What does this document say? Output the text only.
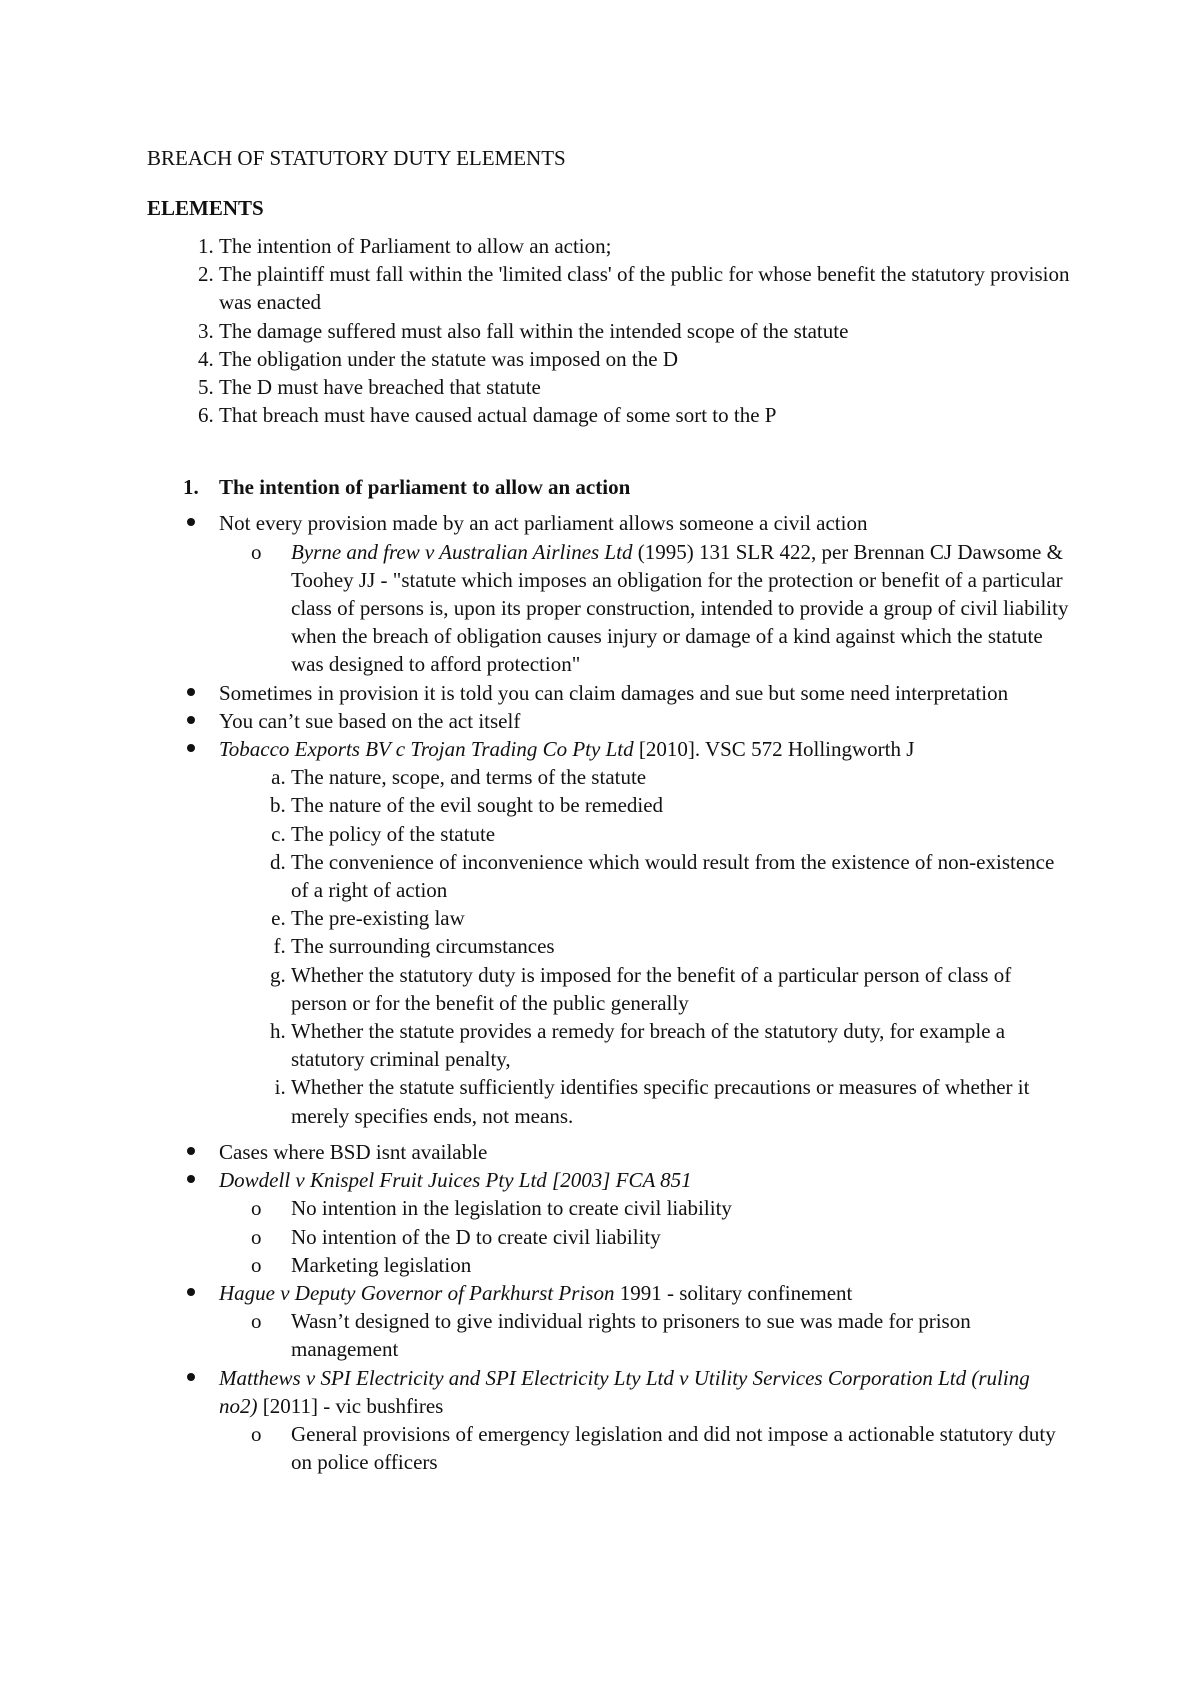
BREACH OF STATUTORY DUTY ELEMENTS
ELEMENTS
1. The intention of Parliament to allow an action;
2. The plaintiff must fall within the 'limited class' of the public for whose benefit the statutory provision was enacted
3. The damage suffered must also fall within the intended scope of the statute
4. The obligation under the statute was imposed on the D
5. The D must have breached that statute
6. That breach must have caused actual damage of some sort to the P
1. The intention of parliament to allow an action
Not every provision made by an act parliament allows someone a civil action
o Byrne and frew v Australian Airlines Ltd (1995) 131 SLR 422, per Brennan CJ Dawsome & Toohey JJ - "statute which imposes an obligation for the protection or benefit of a particular class of persons is, upon its proper construction, intended to provide a group of civil liability when the breach of obligation causes injury or damage of a kind against which the statute was designed to afford protection"
Sometimes in provision it is told you can claim damages and sue but some need interpretation
You can’t sue based on the act itself
Tobacco Exports BV c Trojan Trading Co Pty Ltd [2010]. VSC 572 Hollingworth J
a. The nature, scope, and terms of the statute
b. The nature of the evil sought to be remedied
c. The policy of the statute
d. The convenience of inconvenience which would result from the existence of non-existence of a right of action
e. The pre-existing law
f. The surrounding circumstances
g. Whether the statutory duty is imposed for the benefit of a particular person of class of person or for the benefit of the public generally
h. Whether the statute provides a remedy for breach of the statutory duty, for example a statutory criminal penalty,
i. Whether the statute sufficiently identifies specific precautions or measures of whether it merely specifies ends, not means.
Cases where BSD isnt available
Dowdell v Knispel Fruit Juices Pty Ltd [2003] FCA 851
o No intention in the legislation to create civil liability
o No intention of the D to create civil liability
o Marketing legislation
Hague v Deputy Governor of Parkhurst Prison 1991 - solitary confinement
o Wasn’t designed to give individual rights to prisoners to sue was made for prison management
Matthews v SPI Electricity and SPI Electricity Lty Ltd v Utility Services Corporation Ltd (ruling no2) [2011] - vic bushfires
o General provisions of emergency legislation and did not impose a actionable statutory duty on police officers
